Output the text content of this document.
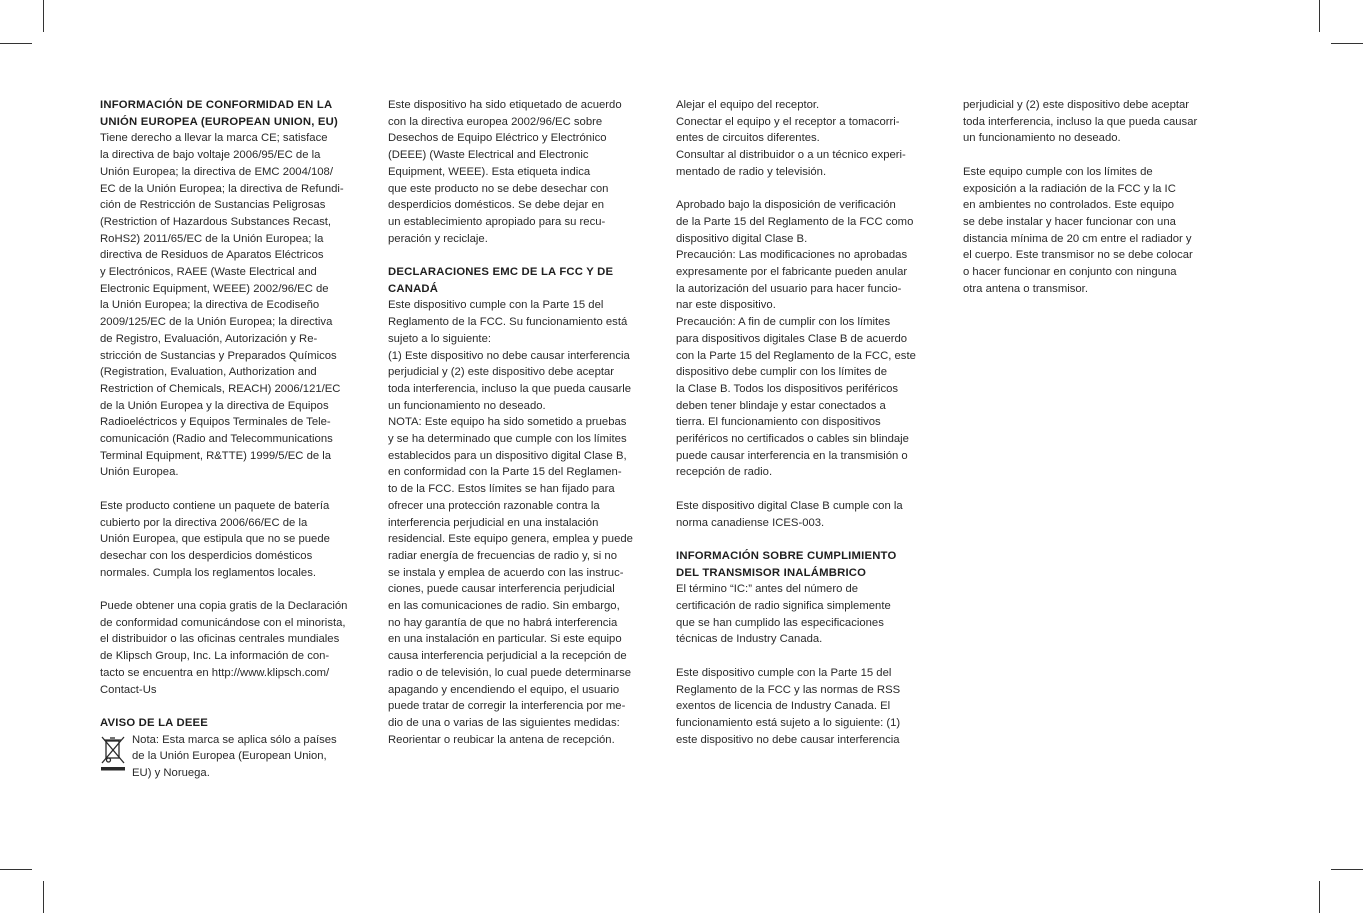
INFORMACIÓN DE CONFORMIDAD EN LA
UNIÓN EUROPEA (EUROPEAN UNION, EU)
Tiene derecho a llevar la marca CE; satisface
la directiva de bajo voltaje 2006/95/EC de la
Unión Europea; la directiva de EMC 2004/108/
EC de la Unión Europea; la directiva de Refundi-
ción de Restricción de Sustancias Peligrosas
(Restriction of Hazardous Substances Recast,
RoHS2) 2011/65/EC de la Unión Europea; la
directiva de Residuos de Aparatos Eléctricos
y Electrónicos, RAEE (Waste Electrical and
Electronic Equipment, WEEE) 2002/96/EC de
la Unión Europea; la directiva de Ecodiseño
2009/125/EC de la Unión Europea; la directiva
de Registro, Evaluación, Autorización y Re-
stricción de Sustancias y Preparados Químicos
(Registration, Evaluation, Authorization and
Restriction of Chemicals, REACH) 2006/121/EC
de la Unión Europea y la directiva de Equipos
Radioeléctricos y Equipos Terminales de Tele-
comunicación (Radio and Telecommunications
Terminal Equipment, R&TTE) 1999/5/EC de la
Unión Europea.
Este producto contiene un paquete de batería
cubierto por la directiva 2006/66/EC de la
Unión Europea, que estipula que no se puede
desechar con los desperdicios domésticos
normales. Cumpla los reglamentos locales.
Puede obtener una copia gratis de la Declaración
de conformidad comunicándose con el minorista,
el distribuidor o las oficinas centrales mundiales
de Klipsch Group, Inc. La información de con-
tacto se encuentra en http://www.klipsch.com/
Contact-Us
AVISO DE LA DEEE
Nota: Esta marca se aplica sólo a países
de la Unión Europea (European Union,
EU) y Noruega.
Este dispositivo ha sido etiquetado de acuerdo
con la directiva europea 2002/96/EC sobre
Desechos de Equipo Eléctrico y Electrónico
(DEEE) (Waste Electrical and Electronic
Equipment, WEEE). Esta etiqueta indica
que este producto no se debe desechar con
desperdicios domésticos. Se debe dejar en
un establecimiento apropiado para su recu-
peración y reciclaje.
DECLARACIONES EMC DE LA FCC Y DE
CANADÁ
Este dispositivo cumple con la Parte 15 del
Reglamento de la FCC. Su funcionamiento está
sujeto a lo siguiente:
(1) Este dispositivo no debe causar interferencia
perjudicial y (2) este dispositivo debe aceptar
toda interferencia, incluso la que pueda causarle
un funcionamiento no deseado.
NOTA: Este equipo ha sido sometido a pruebas
y se ha determinado que cumple con los límites
establecidos para un dispositivo digital Clase B,
en conformidad con la Parte 15 del Reglamen-
to de la FCC. Estos límites se han fijado para
ofrecer una protección razonable contra la
interferencia perjudicial en una instalación
residencial. Este equipo genera, emplea y puede
radiar energía de frecuencias de radio y, si no
se instala y emplea de acuerdo con las instruc-
ciones, puede causar interferencia perjudicial
en las comunicaciones de radio. Sin embargo,
no hay garantía de que no habrá interferencia
en una instalación en particular. Si este equipo
causa interferencia perjudicial a la recepción de
radio o de televisión, lo cual puede determinarse
apagando y encendiendo el equipo, el usuario
puede tratar de corregir la interferencia por me-
dio de una o varias de las siguientes medidas:
Reorientar o reubicar la antena de recepción.
Alejar el equipo del receptor.
Conectar el equipo y el receptor a tomacorri-
entes de circuitos diferentes.
Consultar al distribuidor o a un técnico experi-
mentado de radio y televisión.
Aprobado bajo la disposición de verificación
de la Parte 15 del Reglamento de la FCC como
dispositivo digital Clase B.
Precaución: Las modificaciones no aprobadas
expresamente por el fabricante pueden anular
la autorización del usuario para hacer funcio-
nar este dispositivo.
Precaución: A fin de cumplir con los límites
para dispositivos digitales Clase B de acuerdo
con la Parte 15 del Reglamento de la FCC, este
dispositivo debe cumplir con los límites de
la Clase B. Todos los dispositivos periféricos
deben tener blindaje y estar conectados a
tierra. El funcionamiento con dispositivos
periféricos no certificados o cables sin blindaje
puede causar interferencia en la transmisión o
recepción de radio.
Este dispositivo digital Clase B cumple con la
norma canadiense ICES-003.
INFORMACIÓN SOBRE CUMPLIMIENTO
DEL TRANSMISOR INALÁMBRICO
El término “IC:” antes del número de
certificación de radio significa simplemente
que se han cumplido las especificaciones
técnicas de Industry Canada.
Este dispositivo cumple con la Parte 15 del
Reglamento de la FCC y las normas de RSS
exentos de licencia de Industry Canada. El
funcionamiento está sujeto a lo siguiente: (1)
este dispositivo no debe causar interferencia
perjudicial y (2) este dispositivo debe aceptar
toda interferencia, incluso la que pueda causar
un funcionamiento no deseado.
Este equipo cumple con los límites de
exposición a la radiación de la FCC y la IC
en ambientes no controlados. Este equipo
se debe instalar y hacer funcionar con una
distancia mínima de 20 cm entre el radiador y
el cuerpo. Este transmisor no se debe colocar
o hacer funcionar en conjunto con ninguna
otra antena o transmisor.
